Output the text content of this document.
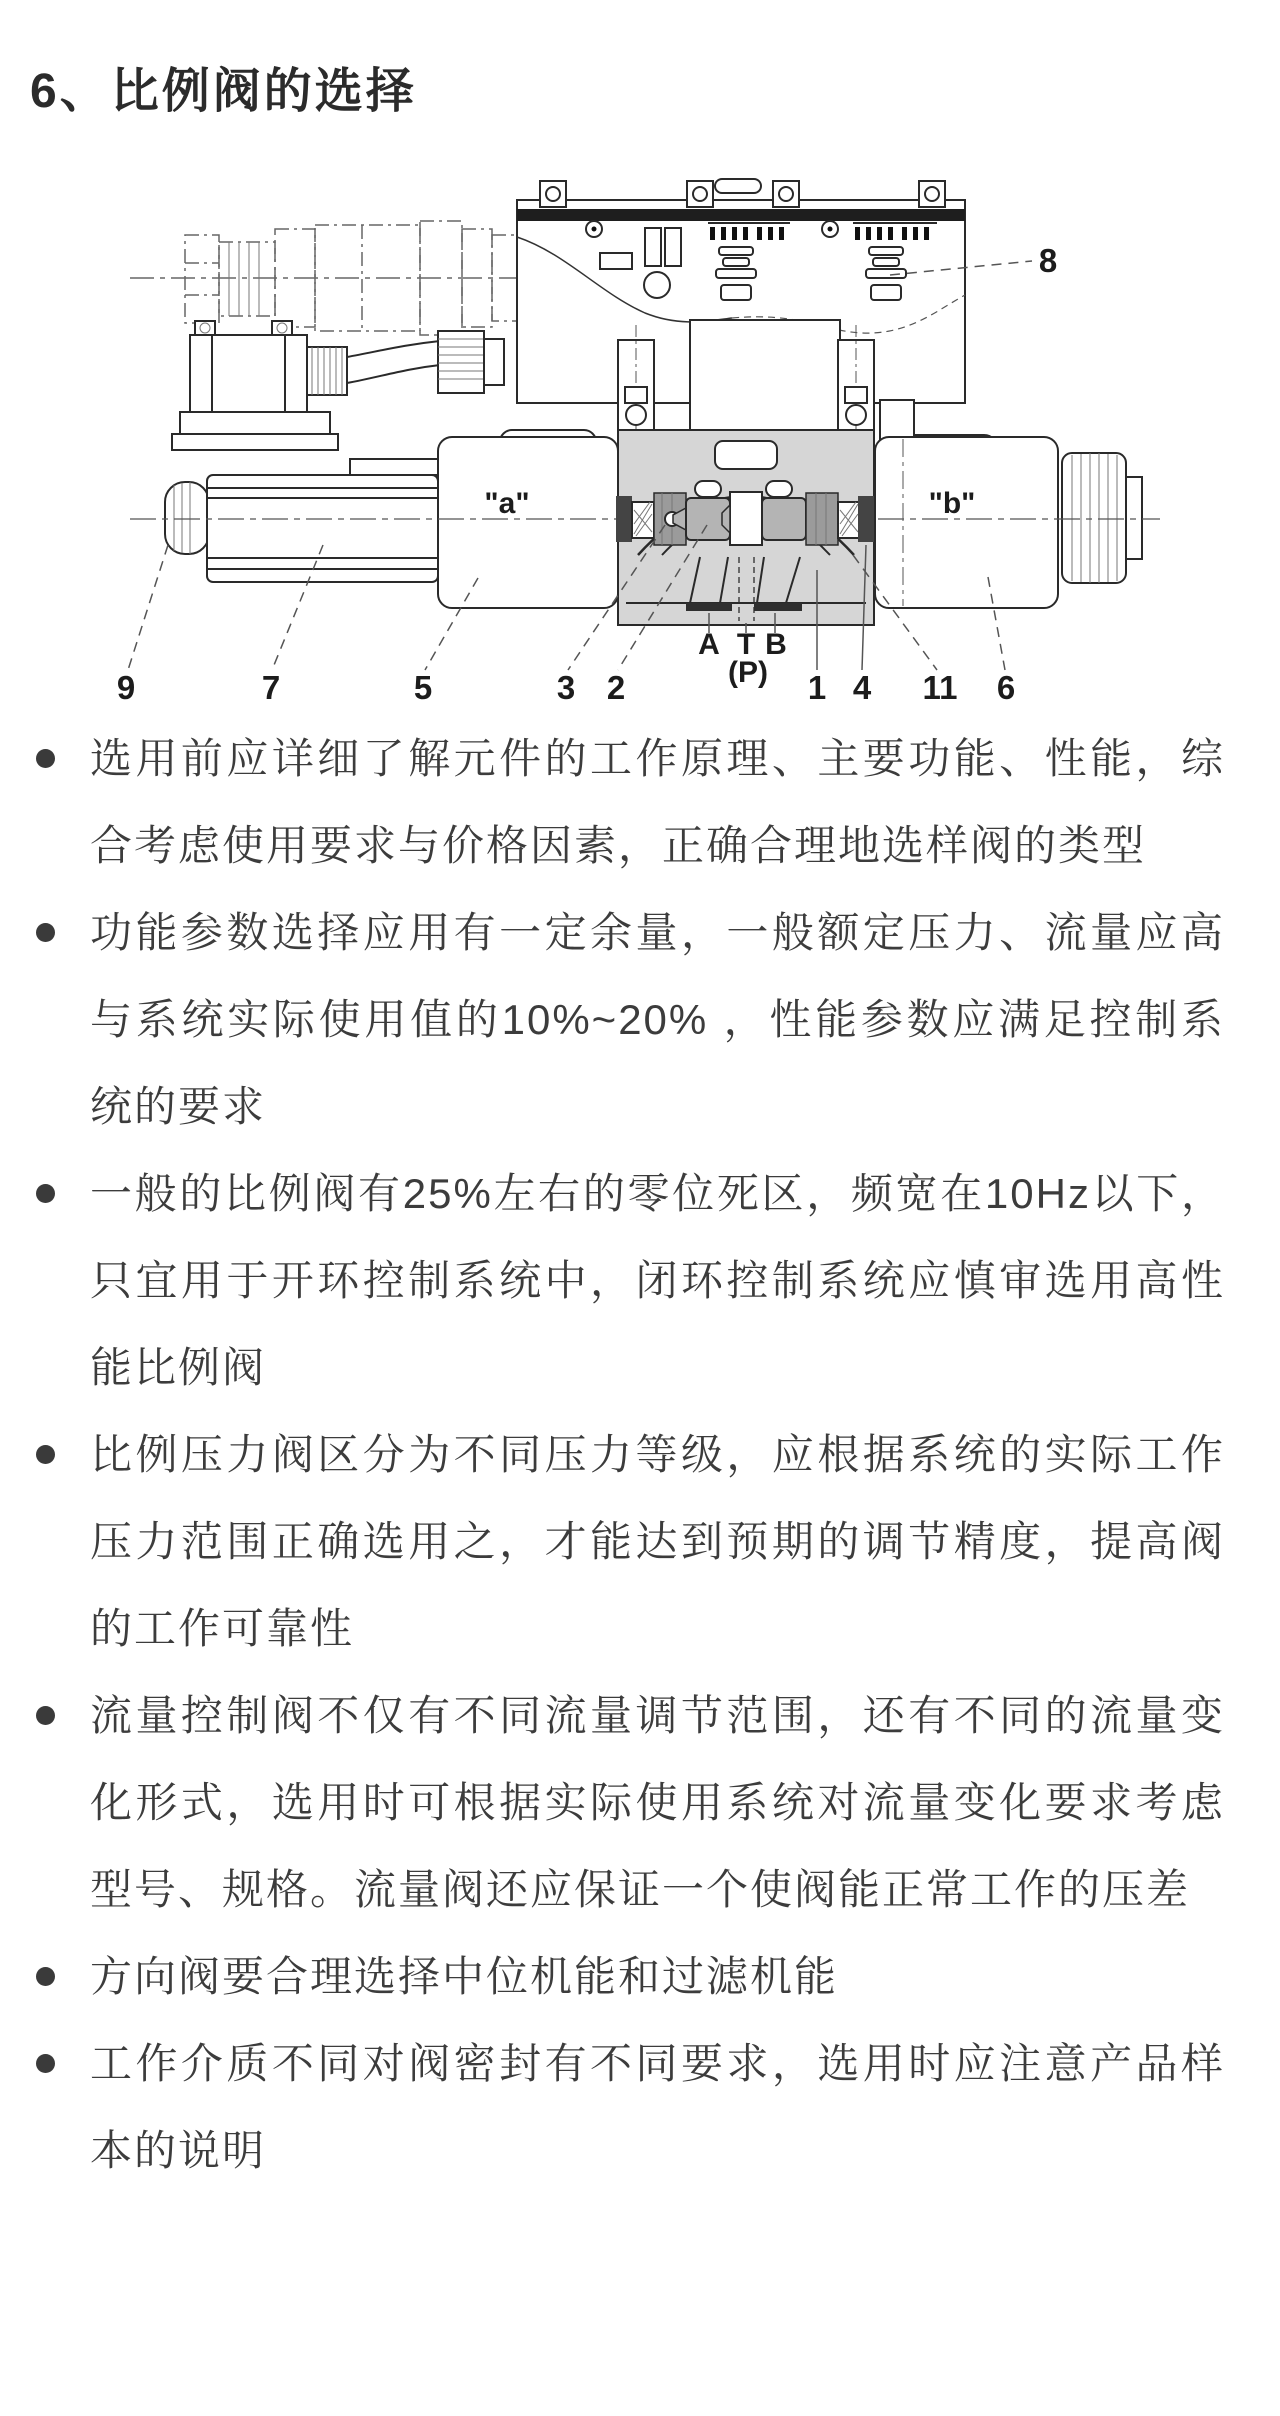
6、比例阀的选择
8
9	7	5	3 2	1 4 11 6
A T B
(P)
"a"	"b"
选用前应详细了解元件的工作原理、主要功能、性能，综合考虑使用要求与价格因素，正确合理地选样阀的类型
功能参数选择应用有一定余量，一般额定压力、流量应高与系统实际使用值的10%~20% ，性能参数应满足控制系统的要求
一般的比例阀有25%左右的零位死区，频宽在10Hz以下，只宜用于开环控制系统中，闭环控制系统应慎审选用高性能比例阀
比例压力阀区分为不同压力等级，应根据系统的实际工作压力范围正确选用之，才能达到预期的调节精度，提高阀的工作可靠性
流量控制阀不仅有不同流量调节范围，还有不同的流量变化形式，选用时可根据实际使用系统对流量变化要求考虑型号、规格。流量阀还应保证一个使阀能正常工作的压差
方向阀要合理选择中位机能和过滤机能
工作介质不同对阀密封有不同要求，选用时应注意产品样本的说明
